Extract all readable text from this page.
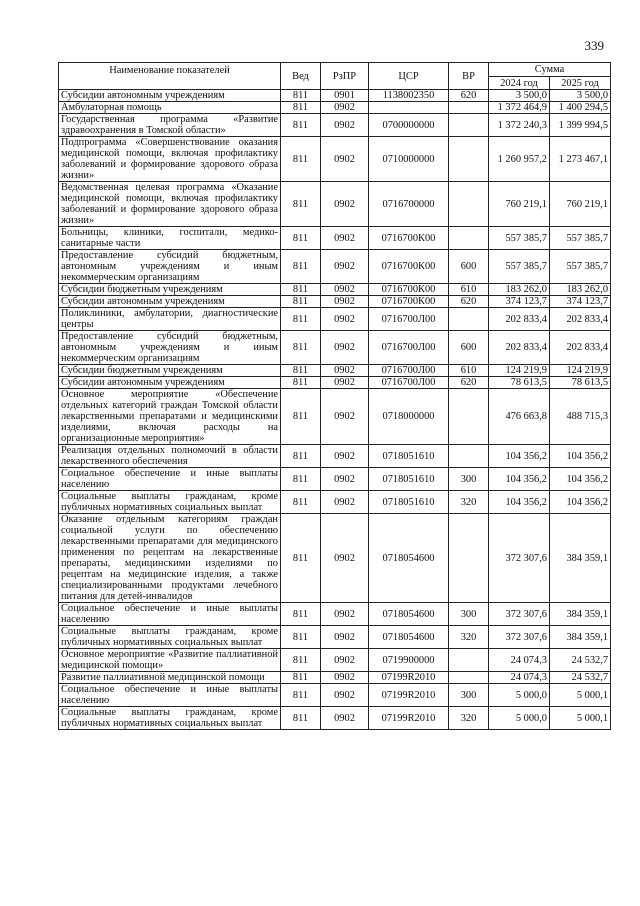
339
Наименование показателей	Вед	РзПР	ЦСР	ВР	Сумма	
					2024 год	2025 год
Субсидии автономным учреждениям	811	0901	1138002350	620	3 500,0	3 500,0
Амбулаторная помощь	811	0902			1 372 464,9	1 400 294,5
Государственная программа «Развитие здравоохранения в Томской области»	811	0902	0700000000		1 372 240,3	1 399 994,5
Подпрограмма «Совершенствование оказания медицинской помощи, включая профилактику заболеваний и формирование здорового образа жизни»	811	0902	0710000000		1 260 957,2	1 273 467,1
Ведомственная целевая программа «Оказание медицинской помощи, включая профилактику заболеваний и формирование здорового образа жизни»	811	0902	0716700000		760 219,1	760 219,1
Больницы, клиники, госпитали, медико-санитарные части	811	0902	0716700К00		557 385,7	557 385,7
Предоставление субсидий бюджетным, автономным учреждениям и иным некоммерческим организациям	811	0902	0716700К00	600	557 385,7	557 385,7
Субсидии бюджетным учреждениям	811	0902	0716700К00	610	183 262,0	183 262,0
Субсидии автономным учреждениям	811	0902	0716700К00	620	374 123,7	374 123,7
Поликлиники, амбулатории, диагностические центры	811	0902	0716700Л00		202 833,4	202 833,4
Предоставление субсидий бюджетным, автономным учреждениям и иным некоммерческим организациям	811	0902	0716700Л00	600	202 833,4	202 833,4
Субсидии бюджетным учреждениям	811	0902	0716700Л00	610	124 219,9	124 219,9
Субсидии автономным учреждениям	811	0902	0716700Л00	620	78 613,5	78 613,5
Основное мероприятие «Обеспечение отдельных категорий граждан Томской области лекарственными препаратами и медицинскими изделиями, включая расходы на организационные мероприятия»	811	0902	0718000000		476 663,8	488 715,3
Реализация отдельных полномочий в области лекарственного обеспечения	811	0902	0718051610		104 356,2	104 356,2
Социальное обеспечение и иные выплаты населению	811	0902	0718051610	300	104 356,2	104 356,2
Социальные выплаты гражданам, кроме публичных нормативных социальных выплат	811	0902	0718051610	320	104 356,2	104 356,2
Оказание отдельным категориям граждан социальной услуги по обеспечению лекарственными препаратами для медицинского применения по рецептам на лекарственные препараты, медицинскими изделиями по рецептам на медицинские изделия, а также специализированными продуктами лечебного питания для детей-инвалидов	811	0902	0718054600		372 307,6	384 359,1
Социальное обеспечение и иные выплаты населению	811	0902	0718054600	300	372 307,6	384 359,1
Социальные выплаты гражданам, кроме публичных нормативных социальных выплат	811	0902	0718054600	320	372 307,6	384 359,1
Основное мероприятие «Развитие паллиативной медицинской помощи»	811	0902	0719900000		24 074,3	24 532,7
Развитие паллиативной медицинской помощи	811	0902	07199R2010		24 074,3	24 532,7
Социальное обеспечение и иные выплаты населению	811	0902	07199R2010	300	5 000,0	5 000,1
Социальные выплаты гражданам, кроме публичных нормативных социальных выплат	811	0902	07199R2010	320	5 000,0	5 000,1
